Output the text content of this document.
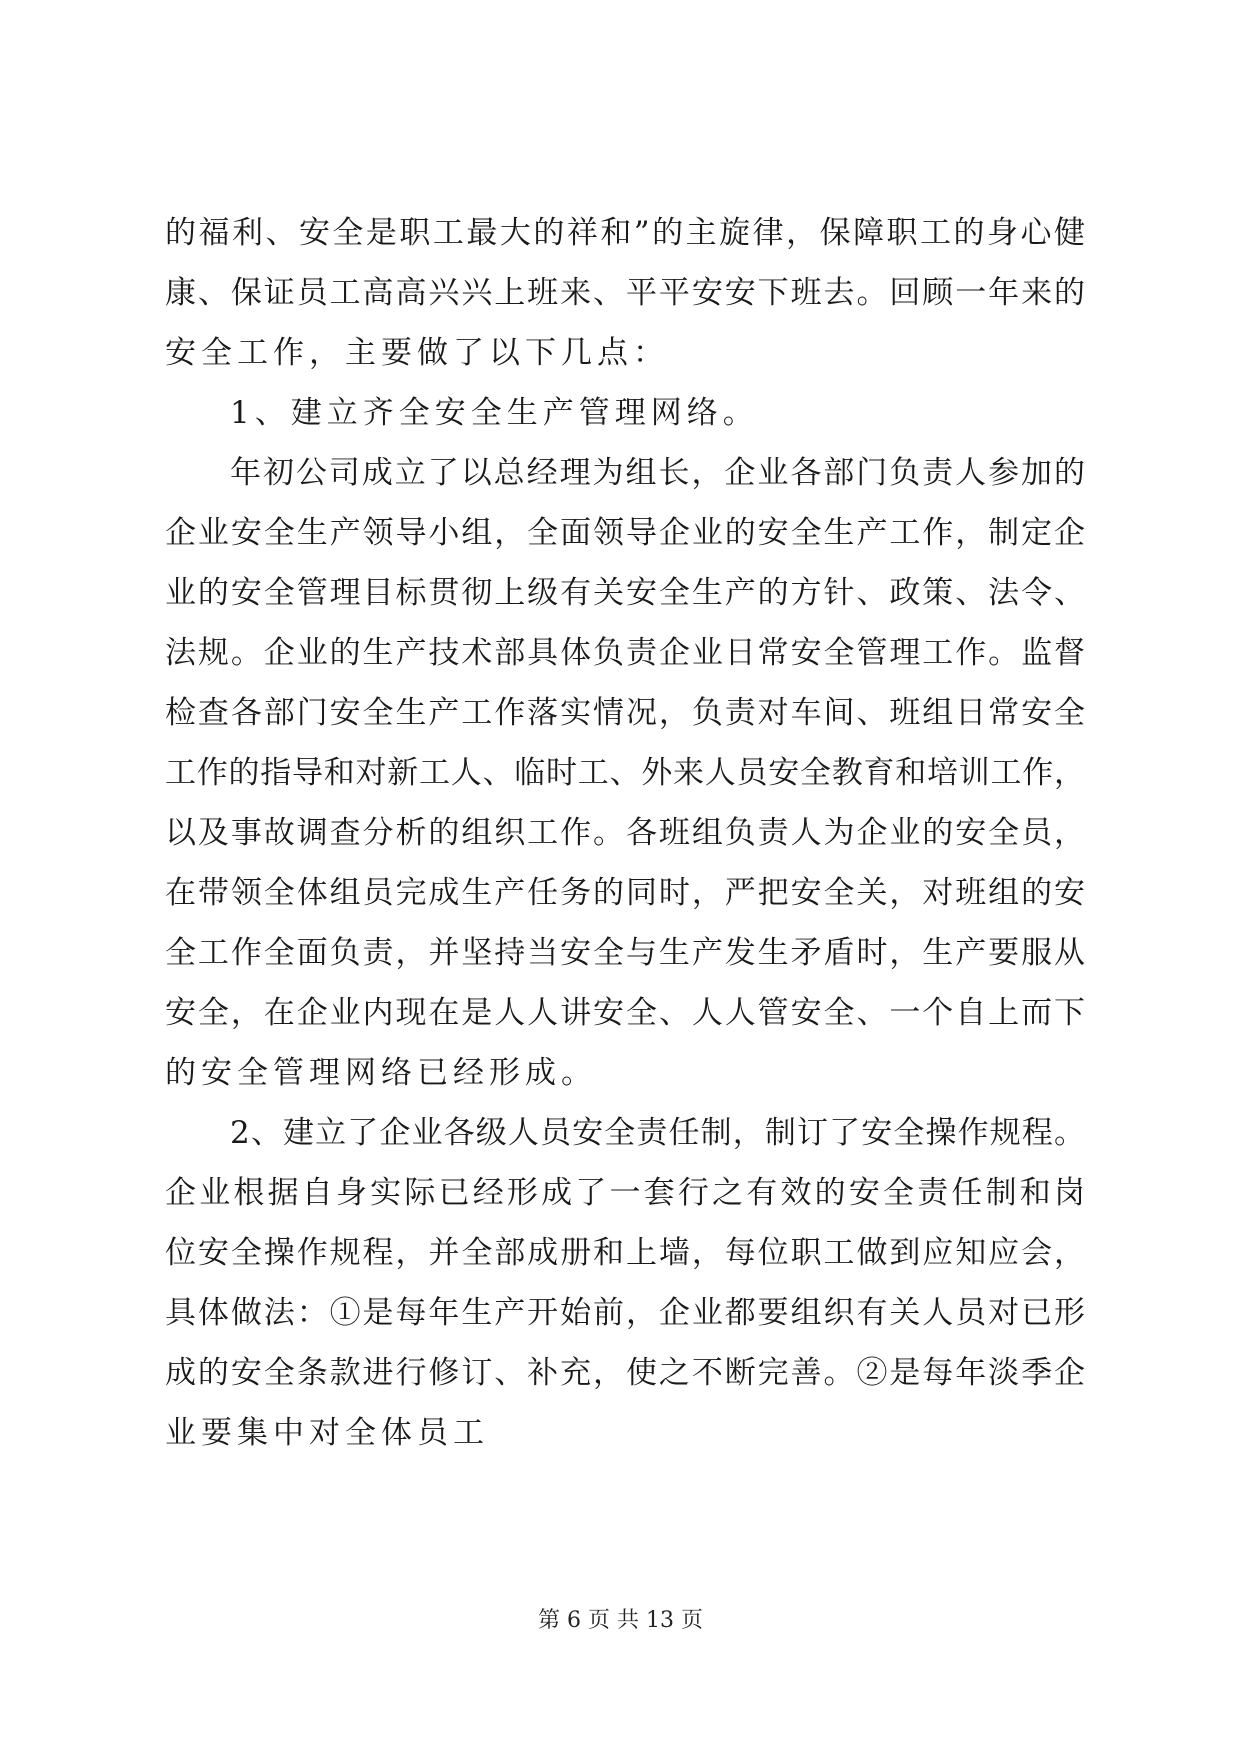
的福利、安全是职工最大的祥和”的主旋律，保障职工的身心健
康、保证员工高高兴兴上班来、平平安安下班去。回顾一年来的
安全工作，主要做了以下几点：
1、建立齐全安全生产管理网络。
年初公司成立了以总经理为组长，企业各部门负责人参加的
企业安全生产领导小组，全面领导企业的安全生产工作，制定企
业的安全管理目标贯彻上级有关安全生产的方针、政策、法令、
法规。企业的生产技术部具体负责企业日常安全管理工作。监督
检查各部门安全生产工作落实情况，负责对车间、班组日常安全
工作的指导和对新工人、临时工、外来人员安全教育和培训工作，
以及事故调查分析的组织工作。各班组负责人为企业的安全员，
在带领全体组员完成生产任务的同时，严把安全关，对班组的安
全工作全面负责，并坚持当安全与生产发生矛盾时，生产要服从
安全，在企业内现在是人人讲安全、人人管安全、一个自上而下
的安全管理网络已经形成。
2、建立了企业各级人员安全责任制，制订了安全操作规程。
企业根据自身实际已经形成了一套行之有效的安全责任制和岗
位安全操作规程，并全部成册和上墙，每位职工做到应知应会，
具体做法：①是每年生产开始前，企业都要组织有关人员对已形
成的安全条款进行修订、补充，使之不断完善。②是每年淡季企
业要集中对全体员工
第 6 页 共 13 页
